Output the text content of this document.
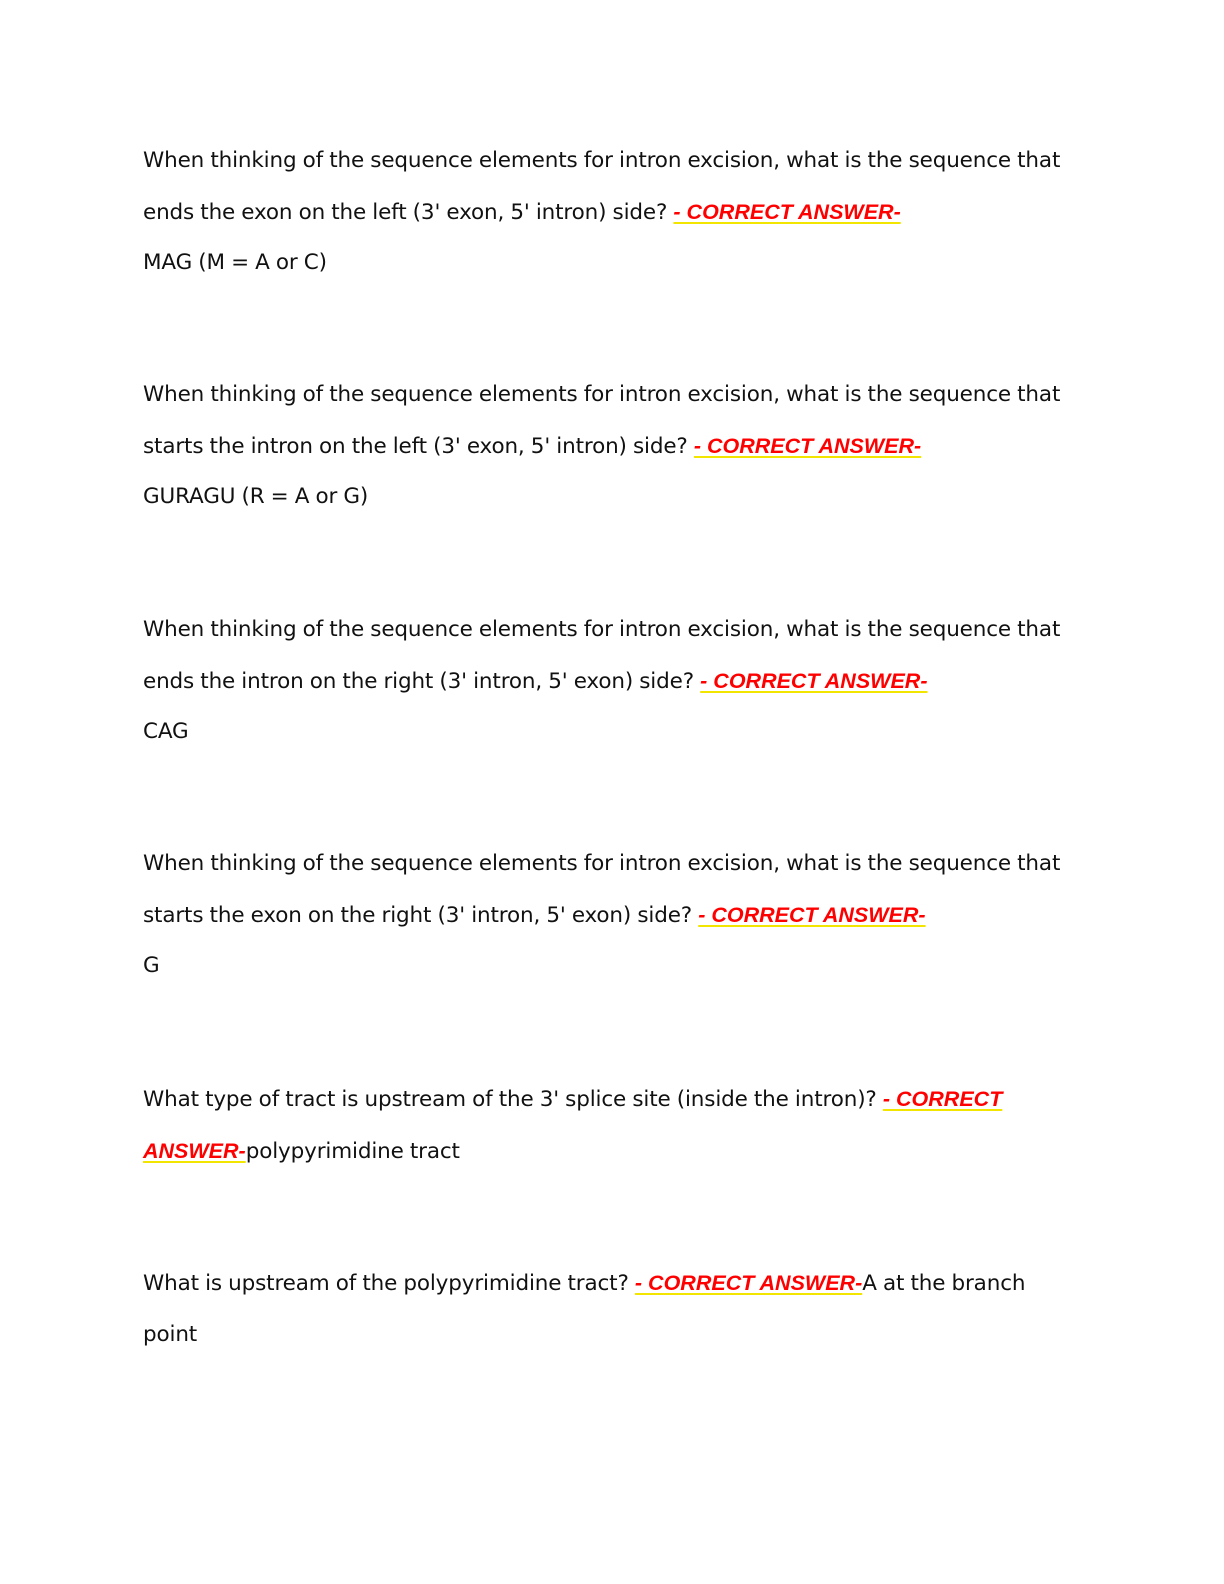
When thinking of the sequence elements for intron excision, what is the sequence that ends the exon on the left (3' exon, 5' intron) side? - CORRECT ANSWER-
MAG (M = A or C)
When thinking of the sequence elements for intron excision, what is the sequence that starts the intron on the left (3' exon, 5' intron) side? - CORRECT ANSWER-
GURAGU (R = A or G)
When thinking of the sequence elements for intron excision, what is the sequence that ends the intron on the right (3' intron, 5' exon) side? - CORRECT ANSWER-
CAG
When thinking of the sequence elements for intron excision, what is the sequence that starts the exon on the right (3' intron, 5' exon) side? - CORRECT ANSWER-
G
What type of tract is upstream of the 3' splice site (inside the intron)? - CORRECT ANSWER-polypyrimidine tract
What is upstream of the polypyrimidine tract? - CORRECT ANSWER-A at the branch point
